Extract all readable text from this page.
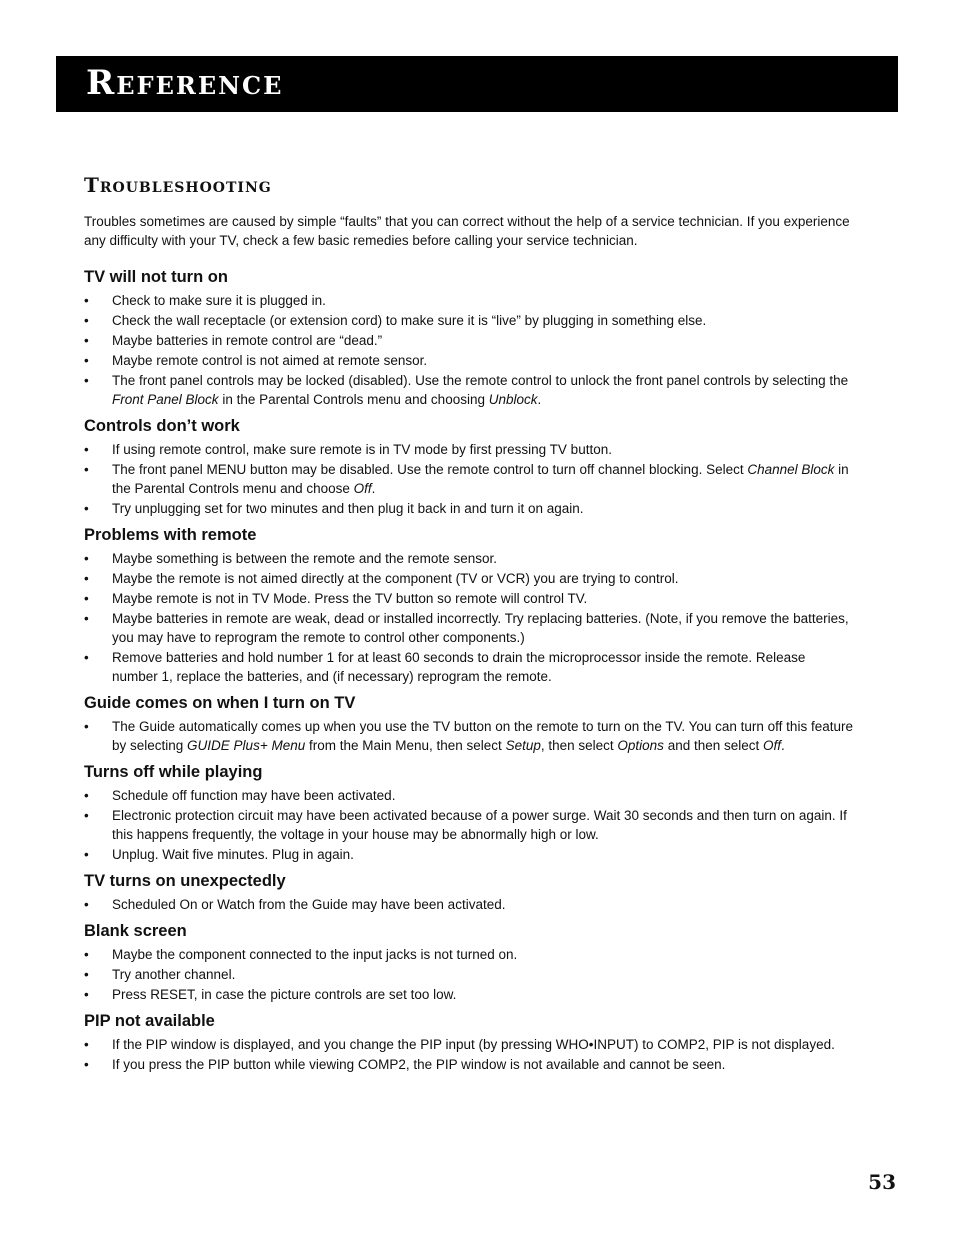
Reference
Troubleshooting

Troubles sometimes are caused by simple “faults” that you can correct without the help of a service technician. If you experience any difficulty with your TV, check a few basic remedies before calling your service technician.

TV will not turn on
• Check to make sure it is plugged in.
• Check the wall receptacle (or extension cord) to make sure it is “live” by plugging in something else.
• Maybe batteries in remote control are “dead.”
• Maybe remote control is not aimed at remote sensor.
• The front panel controls may be locked (disabled). Use the remote control to unlock the front panel controls by selecting the Front Panel Block in the Parental Controls menu and choosing Unblock.
Controls don’t work
• If using remote control, make sure remote is in TV mode by first pressing TV button.
• The front panel MENU button may be disabled. Use the remote control to turn off channel blocking. Select Channel Block in the Parental Controls menu and choose Off.
• Try unplugging set for two minutes and then plug it back in and turn it on again.
Problems with remote
• Maybe something is between the remote and the remote sensor.
• Maybe the remote is not aimed directly at the component (TV or VCR) you are trying to control.
• Maybe remote is not in TV Mode. Press the TV button so remote will control TV.
• Maybe batteries in remote are weak, dead or installed incorrectly. Try replacing batteries. (Note, if you remove the batteries, you may have to reprogram the remote to control other components.)
• Remove batteries and hold number 1 for at least 60 seconds to drain the microprocessor inside the remote. Release number 1, replace the batteries, and (if necessary) reprogram the remote.
Guide comes on when I turn on TV
• The Guide automatically comes up when you use the TV button on the remote to turn on the TV. You can turn off this feature by selecting GUIDE Plus+ Menu from the Main Menu, then select Setup, then select Options and then select Off.
Turns off while playing
• Schedule off function may have been activated.
• Electronic protection circuit may have been activated because of a power surge. Wait 30 seconds and then turn on again. If this happens frequently, the voltage in your house may be abnormally high or low.
• Unplug. Wait five minutes. Plug in again.
TV turns on unexpectedly
• Scheduled On or Watch from the Guide may have been activated.
Blank screen
• Maybe the component connected to the input jacks is not turned on.
• Try another channel.
• Press RESET, in case the picture controls are set too low.
PIP not available
• If the PIP window is displayed, and you change the PIP input (by pressing WHO•INPUT) to COMP2, PIP is not displayed.
• If you press the PIP button while viewing COMP2, the PIP window is not available and cannot be seen.
53
